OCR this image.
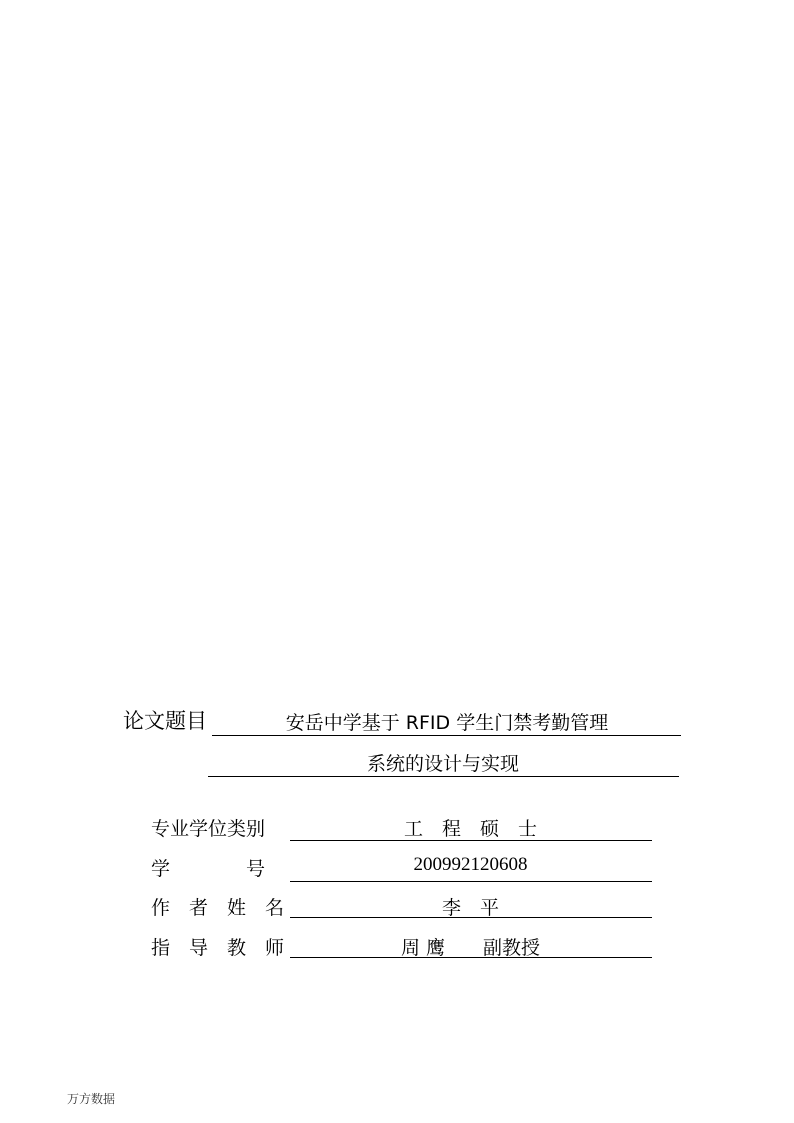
论文题目	安岳中学基于 RFID 学生门禁考勤管理
系统的设计与实现
专业学位类别	工　程　硕　士
学　　　　号	200992120608
作　者　姓　名	李　平
指　导　教　师	周 鹰　　副教授
万方数据
